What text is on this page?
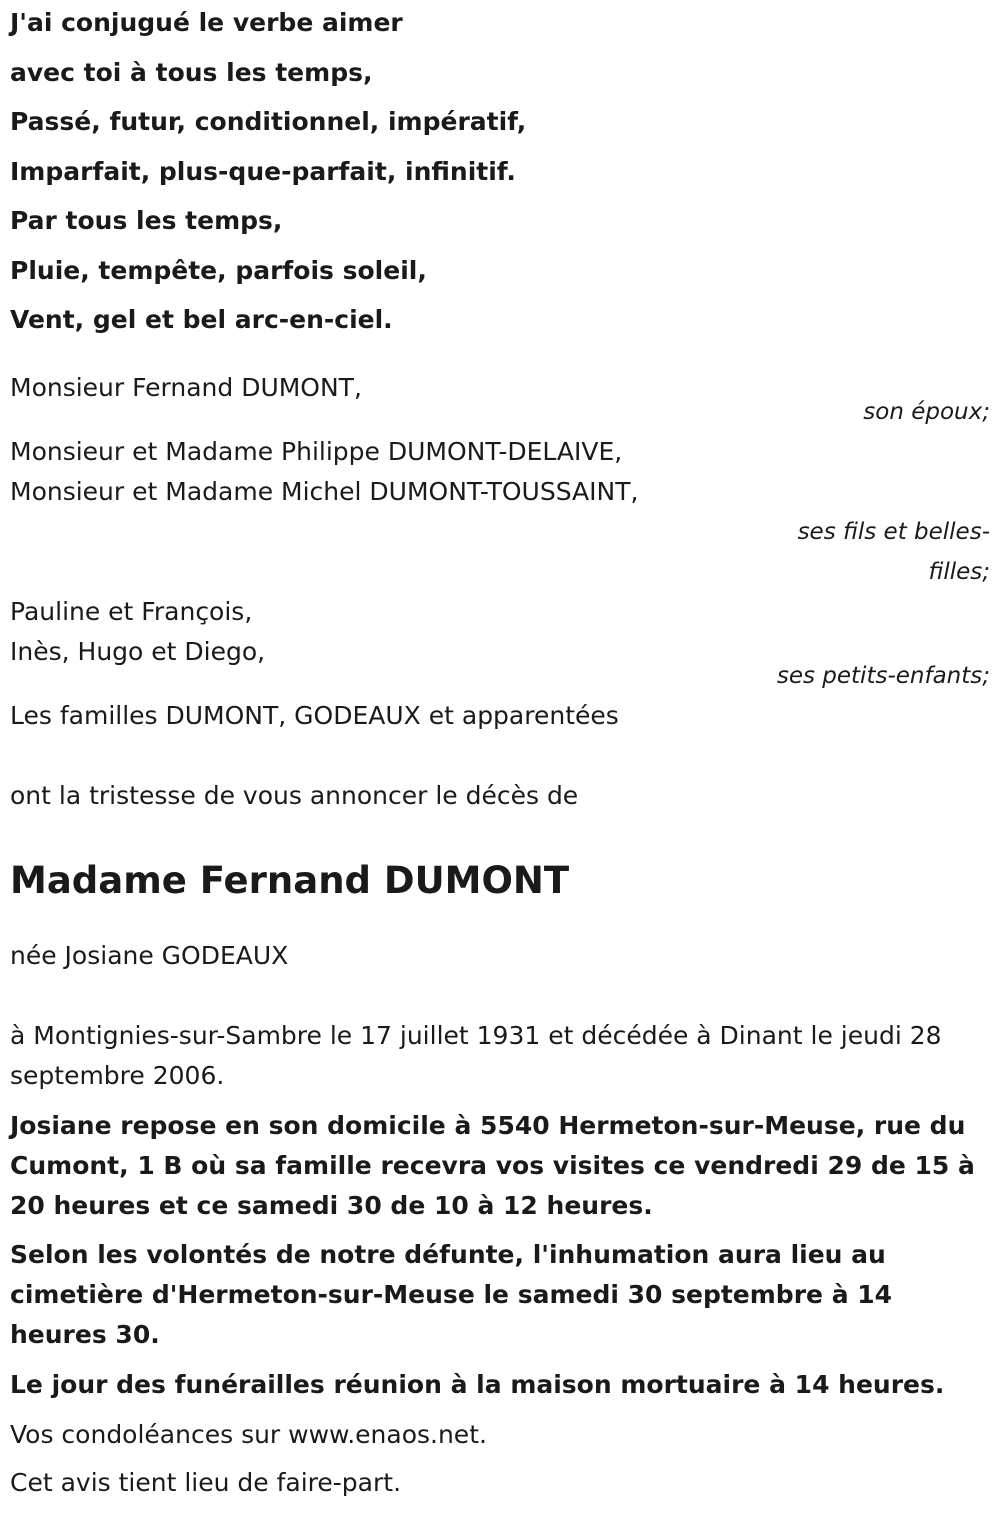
J'ai conjugué le verbe aimer

avec toi à tous les temps,

Passé, futur, conditionnel, impératif,

Imparfait, plus-que-parfait, infinitif.

Par tous les temps,

Pluie, tempête, parfois soleil,

Vent, gel et bel arc-en-ciel.

Monsieur Fernand DUMONT,

son époux;

Monsieur et Madame Philippe DUMONT-DELAIVE,

Monsieur et Madame Michel DUMONT-TOUSSAINT,

ses fils et belles-filles;

Pauline et François,

Inès, Hugo et Diego,

ses petits-enfants;

Les familles DUMONT, GODEAUX et apparentées

ont la tristesse de vous annoncer le décès de

Madame Fernand DUMONT

née Josiane GODEAUX

à Montignies-sur-Sambre le 17 juillet 1931 et décédée à Dinant le jeudi 28 septembre 2006.

Josiane repose en son domicile à 5540 Hermeton-sur-Meuse, rue du Cumont, 1 B où sa famille recevra vos visites ce vendredi 29 de 15 à 20 heures et ce samedi 30 de 10 à 12 heures.

Selon les volontés de notre défunte, l'inhumation aura lieu au cimetière d'Hermeton-sur-Meuse le samedi 30 septembre à 14 heures 30.

Le jour des funérailles réunion à la maison mortuaire à 14 heures.

Vos condoléances sur www.enaos.net.

Cet avis tient lieu de faire-part.
